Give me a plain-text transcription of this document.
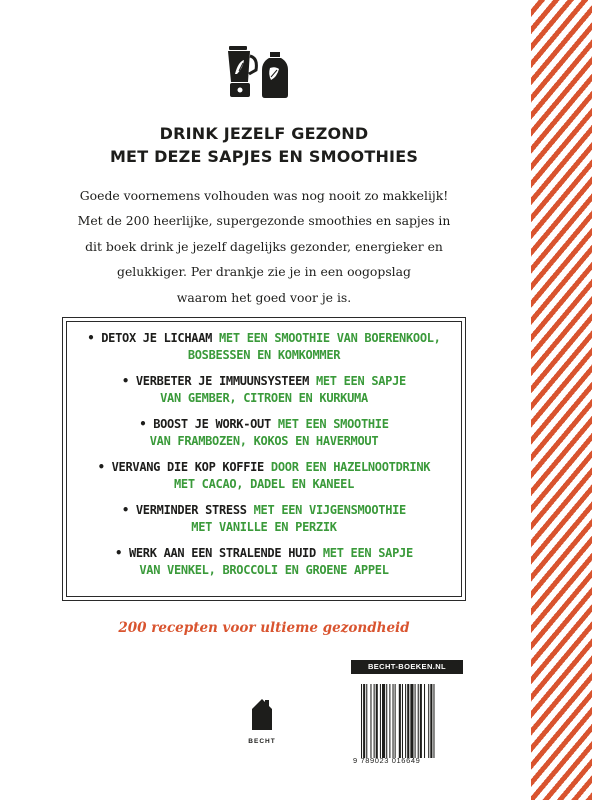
DRINK JEZELF GEZOND
MET DEZE SAPJES EN SMOOTHIES
Goede voornemens volhouden was nog nooit zo makkelijk!
Met de 200 heerlijke, supergezonde smoothies en sapjes in
dit boek drink je jezelf dagelijks gezonder, energieker en
gelukkiger. Per drankje zie je in een oogopslag
waarom het goed voor je is.
• DETOX JE LICHAAM MET EEN SMOOTHIE VAN BOERENKOOL,
BOSBESSEN EN KOMKOMMER
• VERBETER JE IMMUUNSYSTEEM MET EEN SAPJE
VAN GEMBER, CITROEN EN KURKUMA
• BOOST JE WORK-OUT MET EEN SMOOTHIE
VAN FRAMBOZEN, KOKOS EN HAVERMOUT
• VERVANG DIE KOP KOFFIE DOOR EEN HAZELNOOTDRINK
MET CACAO, DADEL EN KANEEL
• VERMINDER STRESS MET EEN VIJGENSMOOTHIE
MET VANILLE EN PERZIK
• WERK AAN EEN STRALENDE HUID MET EEN SAPJE
VAN VENKEL, BROCCOLI EN GROENE APPEL
200 recepten voor ultieme gezondheid
BECHT-BOEKEN.NL
BECHT
9 789023 016649
